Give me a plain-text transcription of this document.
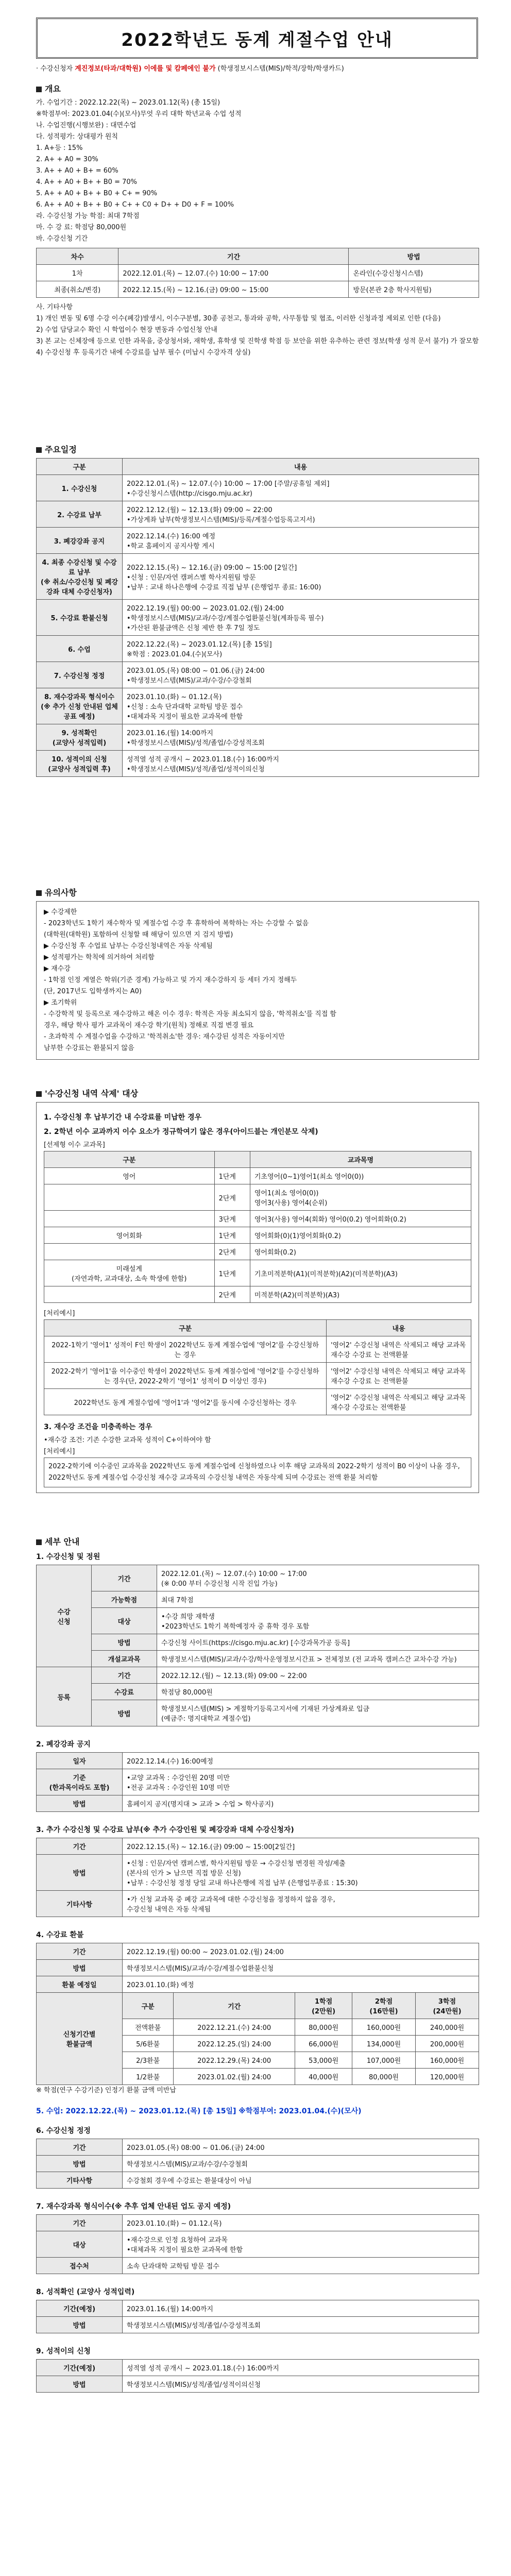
2022학년도 동계 계절수업 안내
· 수강신청자 계진정보(타과/대학원) 이에를 및 캄페에인 불가 (학생정보시스템(MIS)/학적/장학/학생카드)
개요
가. 수업기간 : 2022.12.22(목) ~ 2023.01.12(목) (총 15일)
※학점부여: 2023.01.04(수)(모사)무엇 우리 대학 학년교육 수업 성적
나. 수업진행(시행보완) : 대면수업
다. 성적평가: 상대평가 원칙
1. A+등 : 15%
2. A+ + A0 = 30%
3. A+ + A0 + B+ = 60%
4. A+ + A0 + B+ + B0 = 70%
5. A+ + A0 + B+ + B0 + C+ = 90%
6. A+ + A0 + B+ + B0 + C+ + C0 + D+ + D0 + F = 100%
라. 수강신청 가능 학점: 최대 7학점
마. 수 강 료: 학점당 80,000원
바. 수강신청 기간
차수	기간	방법
1차	2022.12.01.(목) ~ 12.07.(수) 10:00 ~ 17:00	온라인(수강신청시스템)
최종(취소/변경)	2022.12.15.(목) ~ 12.16.(금) 09:00 ~ 15:00	방문(본관 2층 학사지원팀)
사. 기타사항
1) 개인 변동 및 6명 수강 이수(폐강)발생시, 이수구분별, 30종 공천고, 통과와 공학, 사무통합 및 협조, 이러한 신청과정 제외로 인한 (다음)
2) 수업 담당교수 확인 시 학업이수 현장 변동과 수업신청 안내
3) 본 교는 신체장애 등으로 인한 과목을, 중상청서와, 재학생, 휴학생 및 진학생 학점 등 보안을 위한 유추하는 관련 정보(학생 성적 문서 불가) 가 잘모함
4) 수강신청 후 등록기간 내에 수강료를 납부 필수 (미납시 수강자격 상실)
주요일정
구분	내용
1. 수강신청	2022.12.01.(목) ~ 12.07.(수) 10:00 ~ 17:00 [주말/공휴일 제외]
•수강신청시스템(http://cisgo.mju.ac.kr)
2. 수강료 납부	2022.12.12.(월) ~ 12.13.(화) 09:00 ~ 22:00
•가상계좌 납부(학생정보시스템(MIS)/등록/계절수업등록고지서)
3. 폐강강좌 공지	2022.12.14.(수) 16:00 예정
•학교 홈페이지 공지사항 게시
4. 최종 수강신청 및 수강료 납부
(※ 취소/수강신청 및 폐강강좌 대체 수강신청자)	2022.12.15.(목) ~ 12.16.(금) 09:00 ~ 15:00 [2일간]
•신청 : 인문/자연 캠퍼스별 학사지원팀 방문
•납부 : 교내 하나은행에 수강료 직접 납부 (은행업무 종료: 16:00)
5. 수강료 환불신청	2022.12.19.(월) 00:00 ~ 2023.01.02.(월) 24:00
•학생정보시스템(MIS)/교과/수강/계절수업환불신청(계좌등록 필수)
•가산된 환불금액은 신청 제반 한 후 7일 정도
6. 수업	2022.12.22.(목) ~ 2023.01.12.(목) [총 15일]
※학점 : 2023.01.04.(수)(모사)
7. 수강신청 정정	2023.01.05.(목) 08:00 ~ 01.06.(금) 24:00
•학생정보시스템(MIS)/교과/수강/수강철회
8. 재수강과목 형식이수
(※ 추가 신청 안내된 업체 공표 예정)	2023.01.10.(화) ~ 01.12.(목)
•신청 : 소속 단과대학 교학팀 방문 접수
•대체과목 지정이 필요한 교과목에 한함
9. 성적확인
(교양사 성적입력)	2023.01.16.(월) 14:00까지
•학생정보시스템(MIS)/성적/졸업/수강성적조회
10. 성적이의 신청
(교양사 성적입력 후)	성적열 성적 공개시 ~ 2023.01.18.(수) 16:00까지
•학생정보시스템(MIS)/성적/졸업/성적이의신청
유의사항
▶ 수강제한
- 2023학년도 1학기 재수학자 및 계절수업 수강 후 휴학하여 복학하는 자는 수강할 수 없음
(대학원(대학원) 포함하여 신청할 때 해당이 있으면 지 검지 방법)
▶ 수강신청 후 수업료 납부는 수강신청내역은 자동 삭제됨
▶ 성적평가는 학칙에 의거하여 처리함
▶ 재수강
- 1학점 인정 계열은 학위(기준 경계) 가능하고 및 가지 재수강하지 등 세터 가지 정해두
(단, 2017년도 입학생까지는 A0)
▶ 조기학위
- 수강학적 및 등록으로 재수강하고 해온 이수 경우: 학적은 자동 최소되지 않음, '학적취소'를 직접 함
경우, 해당 학사 평가 교과목이 재수강 학기(원칙) 정해로 직접 변경 필요
- 초과학적 수 계절수업을 수강하고 '학적취소'한 경우: 재수강된 성적은 자동이지만
남부한 수강료는 환불되지 않음
'수강신청 내역 삭제' 대상
1. 수강신청 후 납부기간 내 수강료를 미납한 경우
2. 2학년 이수 교과까지 이수 요소가 정규학여기 않은 경우(아이드블는 개인분모 삭제)
[선제형 이수 교과목]
구분		교과목명
영어	1단계	기초영어(0~1)영어1(최소 영어0(0))
	2단계	영어1(최소 영어0(0))
영어3(사용) 영어4(순위)
	3단계	영어3(사용) 영어4(회화) 영어0(0.2) 영어회화(0.2)
영어회화	1단계	영어회화(0)(1)영어회화(0.2)
	2단계	영어회화(0.2)
미래설계
(자연과학, 교과대상, 소속 학생에 한함)	1단계	기초미적분학(A1)(미적분학)(A2)(미적분학)(A3)
	2단계	미적분학(A2)(미적분학)(A3)
[처리예시]
구분	내용
2022-1학기 '영어1' 성적이 F인 학생이 2022학년도 동계 계절수업에 '영어2'를 수강신청하는 경우	'영어2' 수강신청 내역은 삭제되고 해당 교과목 재수강 수강료 는 전액환불
2022-2학기 '영어1'을 이수중인 학생이 2022학년도 동계 계절수업에 '영어2'를 수강신청하는 경우(단, 2022-2학기 '영어1' 성적이 D 이상인 경우)	'영어2' 수강신청 내역은 삭제되고 해당 교과목 재수강 수강료 는 전액환불
2022학년도 동계 계절수업에 '영어1'과 '영어2'를 동시에 수강신청하는 경우	'영어2' 수강신청 내역은 삭제되고 해당 교과목 재수강 수강료는 전액환불
3. 재수강 조건을 미충족하는 경우
•재수강 조건: 기존 수강한 교과목 성적이 C+이하여야 함
[처리예시]
2022-2학기에 이수중인 교과목을 2022학년도 동계 계절수업에 신청하였으나 이후 해당 교과목의 2022-2학기 성적이 B0 이상이 나올 경우, 2022학년도 동계 계절수업 수강신청 재수강 교과목의 수강신청 내역은 자동삭제 되며 수강료는 전액 환불 처리함
세부 안내
1. 수강신청 및 정원
수강
신청	기간	2022.12.01.(목) ~ 12.07.(수) 10:00 ~ 17:00
(※ 0:00 부터 수강신청 시작 진입 가능)
	가능학점	최대 7학점
	대상	•수강 희망 재학생
•2023학년도 1학기 복학예정자 중 휴학 경우 포함
	방법	수강신청 사이트(https://cisgo.mju.ac.kr) [수강과목가공 등록]
	개설교과목	학생정보시스템(MIS)/교과/수강/학사운영정보시간표 > 전체정보 (전 교과목 캠퍼스간 교차수강 가능)
등록	기간	2022.12.12.(월) ~ 12.13.(화) 09:00 ~ 22:00
	수강료	학점당 80,000원
	방법	학생정보시스템(MIS) > 계절학기등록고지서에 기재된 가상계좌로 입금
(예금주: 명지대학교 계절수업)
2. 폐강강좌 공지
일자	2022.12.14.(수) 16:00예정
기준
(한과목이라도 포함)	•교양 교과목 : 수강인원 20명 미만
•전공 교과목 : 수강인원 10명 미만
방법	홈페이지 공지(명지대 > 교과 > 수업 > 학사공지)
3. 추가 수강신청 및 수강료 납부(※ 추가 수강인원 및 폐강강좌 대체 수강신청자)
기간	2022.12.15.(목) ~ 12.16.(금) 09:00 ~ 15:00[2일간]
방법	•신청 : 인문/자연 캠퍼스별, 학사지원팀 방문 → 수강신청 변경원 작성/제출
(본사의 인가 > 남으면 직접 방문 신청)
•납부 : 수강신청 정정 당일 교내 하나은행에 직접 납부 (은행업무종료 : 15:30)
기타사항	•가 신청 교과목 중 폐강 교과목에 대한 수강신청을 정정하지 않을 경우,
수강신청 내역은 자동 삭제됨
4. 수강료 환불
기간	2022.12.19.(월) 00:00 ~ 2023.01.02.(월) 24:00
방법	학생정보시스템(MIS)/교과/수강/계절수업환불신청
환불 예정일	2023.01.10.(화) 예정
신청기간별
환불금액	구분	기간	1학점
(2만원)	2학점
(16만원)	3학점
(24만원)
	전액환불	2022.12.21.(수) 24:00	80,000원	160,000원	240,000원
	5/6환불	2022.12.25.(일) 24:00	66,000원	134,000원	200,000원
	2/3환불	2022.12.29.(목) 24:00	53,000원	107,000원	160,000원
	1/2환불	2023.01.02.(월) 24:00	40,000원	80,000원	120,000원
※ 학점(연구 수강기준) 인정기 환불 금액 미반납
5. 수업: 2022.12.22.(목) ~ 2023.01.12.(목) [총 15일] ※학점부여: 2023.01.04.(수)(모사)
6. 수강신청 정정
기간	2023.01.05.(목) 08:00 ~ 01.06.(금) 24:00
방법	학생정보시스템(MIS)/교과/수강/수강철회
기타사항	수강철회 경우에 수강료는 환불대상이 아님
7. 재수강과목 형식이수(※ 추후 업체 안내된 업도 공지 예정)
기간	2023.01.10.(화) ~ 01.12.(목)
대상	•재수강으로 인정 요청하여 교과목
•대체과목 지정이 필요한 교과목에 한함
접수처	소속 단과대학 교학팀 방문 접수
8. 성적확인 (교양사 성적입력)
기간(예정)	2023.01.16.(월) 14:00까지
방법	학생정보시스템(MIS)/성적/졸업/수강성적조회
9. 성적이의 신청
기간(예정)	성적열 성적 공개시 ~ 2023.01.18.(수) 16:00까지
방법	학생정보시스템(MIS)/성적/졸업/성적이의신청
